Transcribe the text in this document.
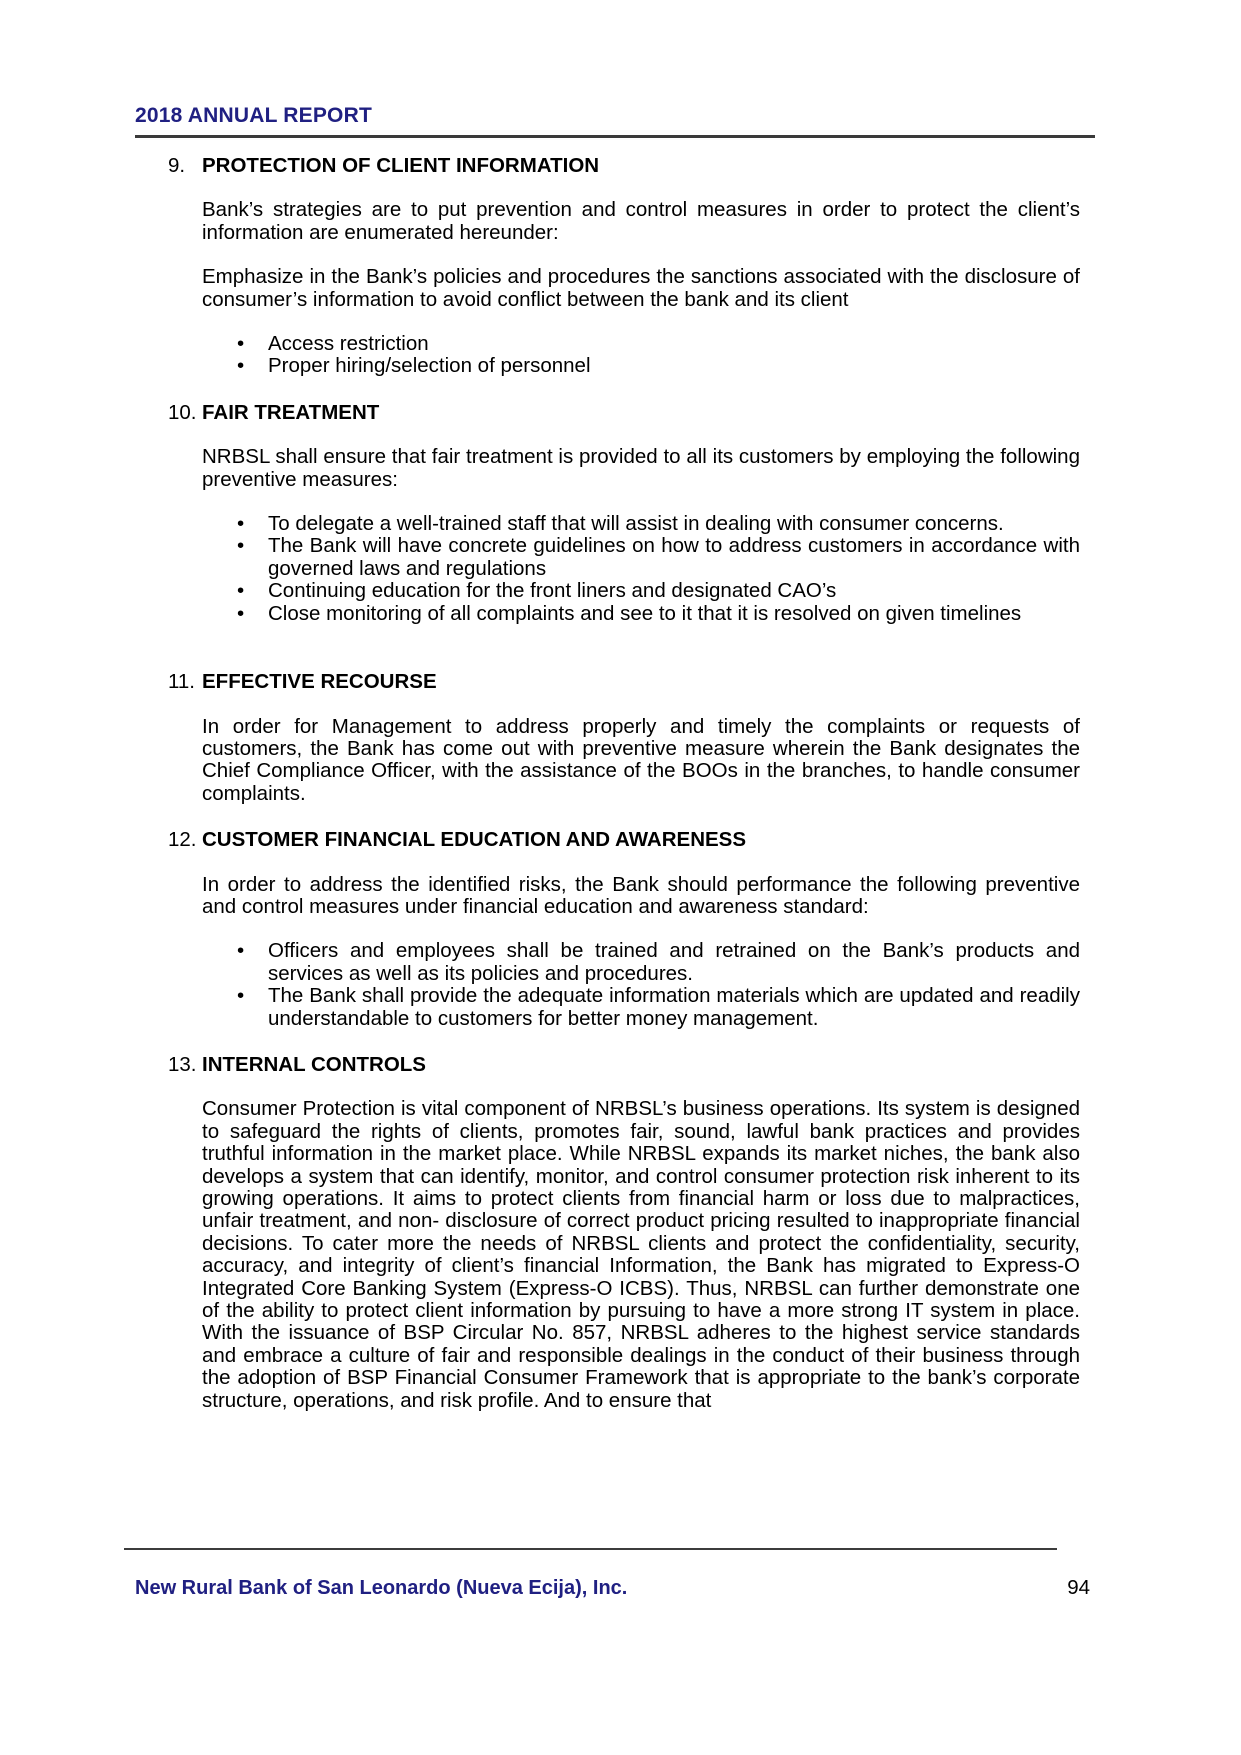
2018 ANNUAL REPORT
9. PROTECTION OF CLIENT INFORMATION

Bank’s strategies are to put prevention and control measures in order to protect the client’s information are enumerated hereunder:

Emphasize in the Bank’s policies and procedures the sanctions associated with the disclosure of consumer’s information to avoid conflict between the bank and its client

• Access restriction
• Proper hiring/selection of personnel
10. FAIR TREATMENT

NRBSL shall ensure that fair treatment is provided to all its customers by employing the following preventive measures:

• To delegate a well-trained staff that will assist in dealing with consumer concerns.
• The Bank will have concrete guidelines on how to address customers in accordance with governed laws and regulations
• Continuing education for the front liners and designated CAO’s
• Close monitoring of all complaints and see to it that it is resolved on given timelines
11. EFFECTIVE RECOURSE

In order for Management to address properly and timely the complaints or requests of customers, the Bank has come out with preventive measure wherein the Bank designates the Chief Compliance Officer, with the assistance of the BOOs in the branches, to handle consumer complaints.

12. CUSTOMER FINANCIAL EDUCATION AND AWARENESS

In order to address the identified risks, the Bank should performance the following preventive and control measures under financial education and awareness standard:

• Officers and employees shall be trained and retrained on the Bank’s products and services as well as its policies and procedures.
• The Bank shall provide the adequate information materials which are updated and readily understandable to customers for better money management.
13. INTERNAL CONTROLS

Consumer Protection is vital component of NRBSL’s business operations. Its system is designed to safeguard the rights of clients, promotes fair, sound, lawful bank practices and provides truthful information in the market place. While NRBSL expands its market niches, the bank also develops a system that can identify, monitor, and control consumer protection risk inherent to its growing operations. It aims to protect clients from financial harm or loss due to malpractices, unfair treatment, and non- disclosure of correct product pricing resulted to inappropriate financial decisions. To cater more the needs of NRBSL clients and protect the confidentiality, security, accuracy, and integrity of client’s financial Information, the Bank has migrated to Express-O Integrated Core Banking System (Express-O ICBS). Thus, NRBSL can further demonstrate one of the ability to protect client information by pursuing to have a more strong IT system in place. With the issuance of BSP Circular No. 857, NRBSL adheres to the highest service standards and embrace a culture of fair and responsible dealings in the conduct of their business through the adoption of BSP Financial Consumer Framework that is appropriate to the bank’s corporate structure, operations, and risk profile. And to ensure that

New Rural Bank of San Leonardo (Nueva Ecija), Inc.	94
